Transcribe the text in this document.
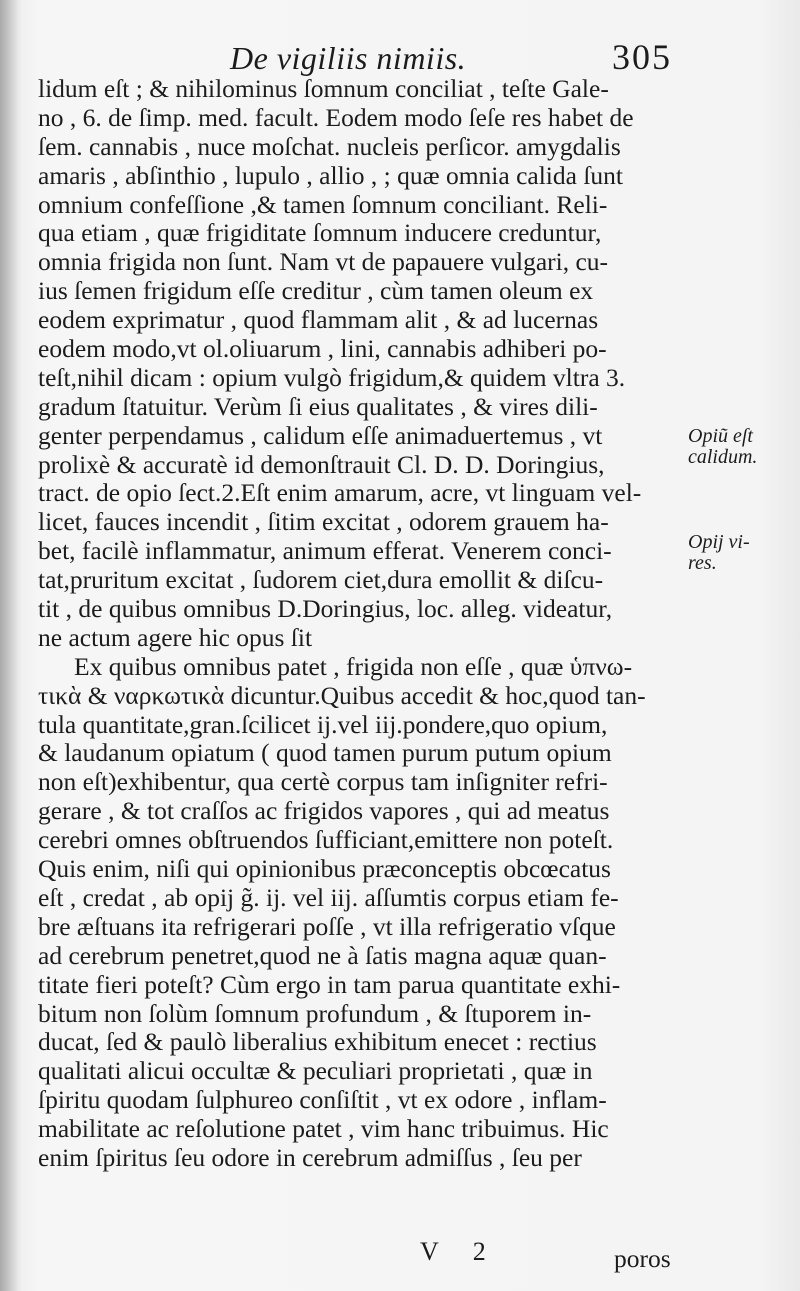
De vigiliis nimiis.	305
lidum eſt ; & nihilominus ſomnum conciliat , teſte Gale-
no , 6. de ſimp. med. facult. Eodem modo ſeſe res habet de
ſem. cannabis , nuce moſchat. nucleis perſicor. amygdalis
amaris , abſinthio , lupulo , allio , ; quæ omnia calida ſunt
omnium confeſſione ,& tamen ſomnum conciliant. Reli-
qua etiam , quæ frigiditate ſomnum inducere creduntur,
omnia frigida non ſunt. Nam vt de papauere vulgari, cu-
ius ſemen frigidum eſſe creditur , cùm tamen oleum ex
eodem exprimatur , quod flammam alit , & ad lucernas
eodem modo,vt ol.oliuarum , lini, cannabis adhiberi po-
teſt,nihil dicam : opium vulgò frigidum,& quidem vltra 3.
gradum ſtatuitur. Verùm ſi eius qualitates , & vires dili-
genter perpendamus , calidum eſſe animaduertemus , vt
prolixè & accuratè id demonſtrauit Cl. D. D. Doringius,
tract. de opio ſect.2.Eſt enim amarum, acre, vt linguam vel-
licet, fauces incendit , ſitim excitat , odorem grauem ha-
bet, facilè inflammatur, animum efferat. Venerem conci-
tat,pruritum excitat , ſudorem ciet,dura emollit & diſcu-
tit , de quibus omnibus D.Doringius, loc. alleg. videatur,
ne actum agere hic opus ſit
Ex quibus omnibus patet , frigida non eſſe , quæ ὑπνω-
τικὰ & ναρκωτικὰ dicuntur.Quibus accedit & hoc,quod tan-
tula quantitate,gran.ſcilicet ij.vel iij.pondere,quo opium,
& laudanum opiatum ( quod tamen purum putum opium
non eſt)exhibentur, qua certè corpus tam inſigniter refri-
gerare , & tot craſſos ac frigidos vapores , qui ad meatus
cerebri omnes obſtruendos ſufficiant,emittere non poteſt.
Quis enim, niſi qui opinionibus præconceptis obcœcatus
eſt , credat , ab opij g̃. ij. vel iij. aſſumtis corpus etiam fe-
bre æſtuans ita refrigerari poſſe , vt illa refrigeratio vſque
ad cerebrum penetret,quod ne à ſatis magna aquæ quan-
titate fieri poteſt? Cùm ergo in tam parua quantitate exhi-
bitum non ſolùm ſomnum profundum , & ſtuporem in-
ducat, ſed & paulò liberalius exhibitum enecet : rectius
qualitati alicui occultæ & peculiari proprietati , quæ in
ſpiritu quodam ſulphureo conſiſtit , vt ex odore , inflam-
mabilitate ac reſolutione patet , vim hanc tribuimus. Hic
enim ſpiritus ſeu odore in cerebrum admiſſus , ſeu per
Opiũ eſt
calidum.
Opij vi-
res.
V 2	poros
